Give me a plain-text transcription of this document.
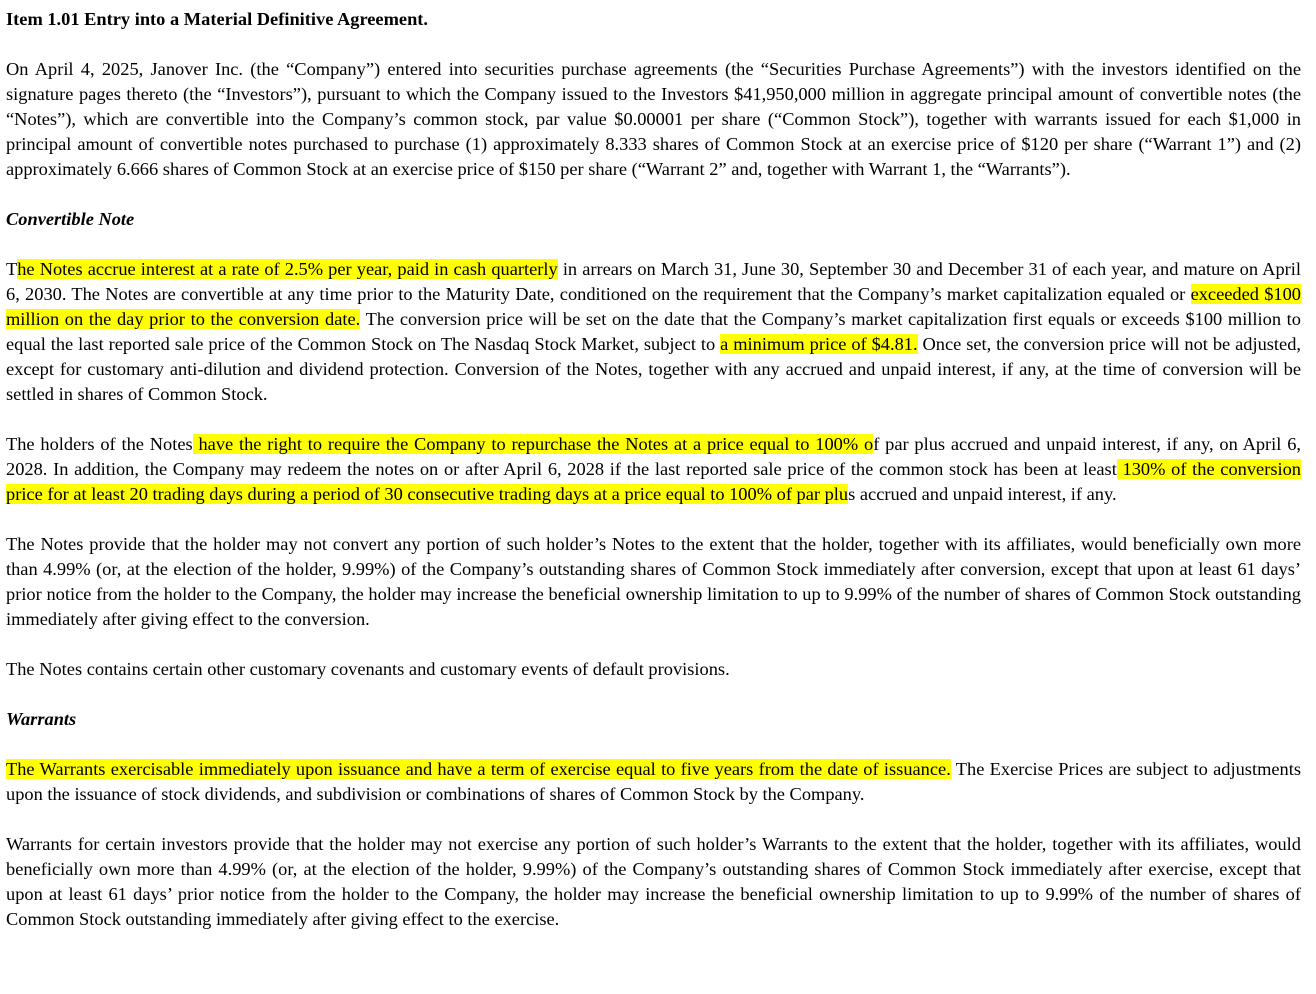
Item 1.01 Entry into a Material Definitive Agreement.

On April 4, 2025, Janover Inc. (the “Company”) entered into securities purchase agreements (the “Securities Purchase Agreements”) with the investors identified on the signature pages thereto (the “Investors”), pursuant to which the Company issued to the Investors $41,950,000 million in aggregate principal amount of convertible notes (the “Notes”), which are convertible into the Company’s common stock, par value $0.00001 per share (“Common Stock”), together with warrants issued for each $1,000 in principal amount of convertible notes purchased to purchase (1) approximately 8.333 shares of Common Stock at an exercise price of $120 per share (“Warrant 1”) and (2) approximately 6.666 shares of Common Stock at an exercise price of $150 per share (“Warrant 2” and, together with Warrant 1, the “Warrants”).

Convertible Note

The Notes accrue interest at a rate of 2.5% per year, paid in cash quarterly in arrears on March 31, June 30, September 30 and December 31 of each year, and mature on April 6, 2030. The Notes are convertible at any time prior to the Maturity Date, conditioned on the requirement that the Company’s market capitalization equaled or exceeded $100 million on the day prior to the conversion date. The conversion price will be set on the date that the Company’s market capitalization first equals or exceeds $100 million to equal the last reported sale price of the Common Stock on The Nasdaq Stock Market, subject to a minimum price of $4.81. Once set, the conversion price will not be adjusted, except for customary anti-dilution and dividend protection. Conversion of the Notes, together with any accrued and unpaid interest, if any, at the time of conversion will be settled in shares of Common Stock.

The holders of the Notes have the right to require the Company to repurchase the Notes at a price equal to 100% of par plus accrued and unpaid interest, if any, on April 6, 2028. In addition, the Company may redeem the notes on or after April 6, 2028 if the last reported sale price of the common stock has been at least 130% of the conversion price for at least 20 trading days during a period of 30 consecutive trading days at a price equal to 100% of par plus accrued and unpaid interest, if any.

The Notes provide that the holder may not convert any portion of such holder’s Notes to the extent that the holder, together with its affiliates, would beneficially own more than 4.99% (or, at the election of the holder, 9.99%) of the Company’s outstanding shares of Common Stock immediately after conversion, except that upon at least 61 days’ prior notice from the holder to the Company, the holder may increase the beneficial ownership limitation to up to 9.99% of the number of shares of Common Stock outstanding immediately after giving effect to the conversion.

The Notes contains certain other customary covenants and customary events of default provisions.

Warrants

The Warrants exercisable immediately upon issuance and have a term of exercise equal to five years from the date of issuance. The Exercise Prices are subject to adjustments upon the issuance of stock dividends, and subdivision or combinations of shares of Common Stock by the Company.

Warrants for certain investors provide that the holder may not exercise any portion of such holder’s Warrants to the extent that the holder, together with its affiliates, would beneficially own more than 4.99% (or, at the election of the holder, 9.99%) of the Company’s outstanding shares of Common Stock immediately after exercise, except that upon at least 61 days’ prior notice from the holder to the Company, the holder may increase the beneficial ownership limitation to up to 9.99% of the number of shares of Common Stock outstanding immediately after giving effect to the exercise.
